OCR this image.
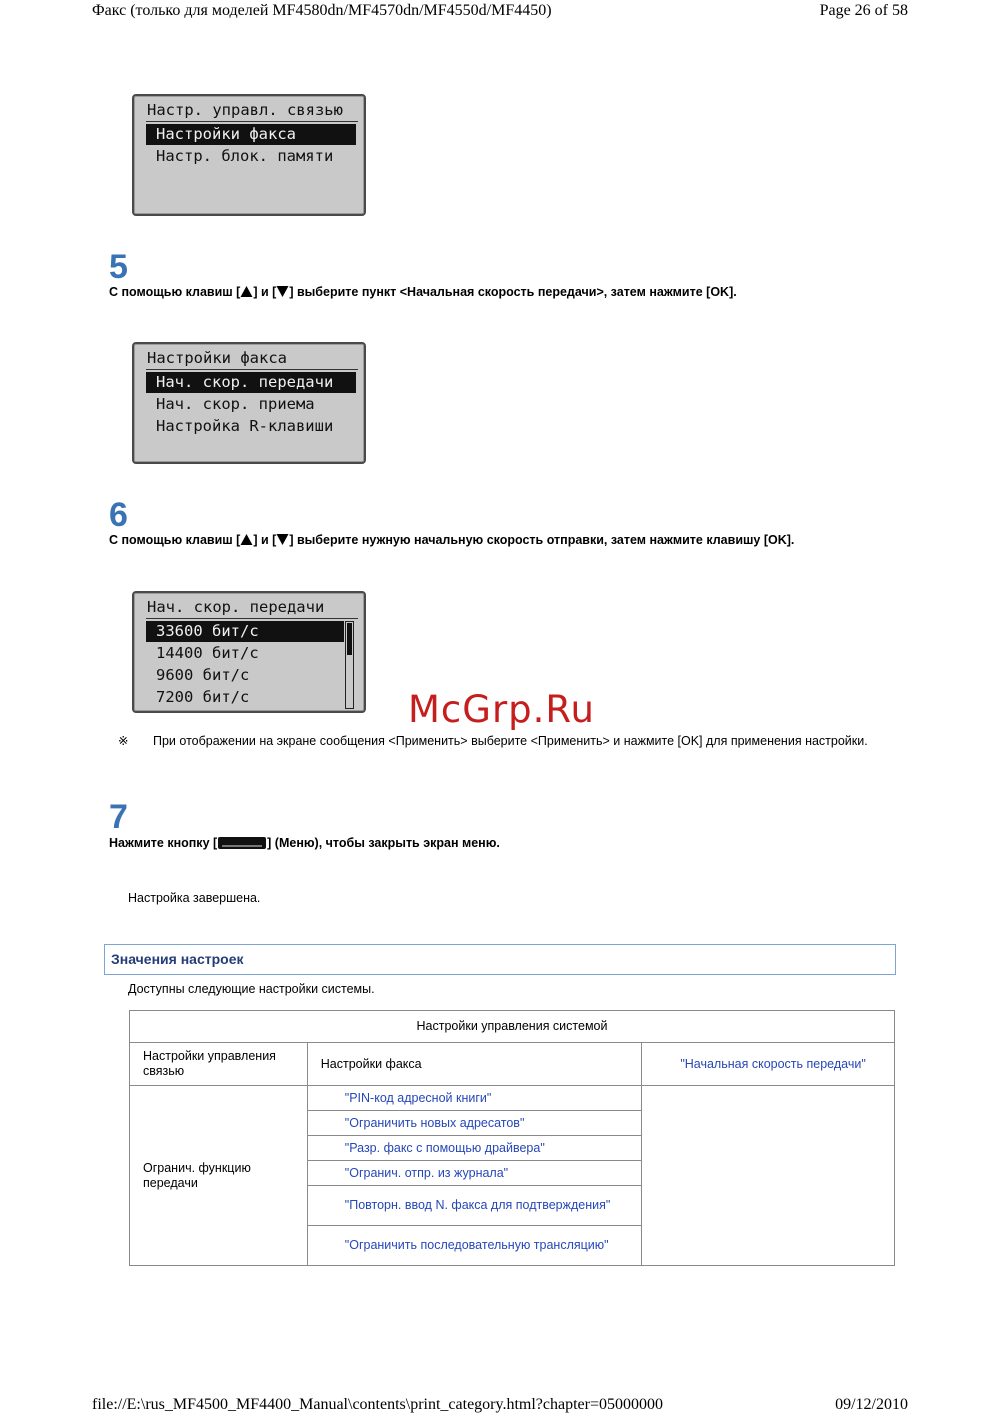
Факс (только для моделей MF4580dn/MF4570dn/MF4550d/MF4450)	Page 26 of 58
file://E:\rus_MF4500_MF4400_Manual\contents\print_category.html?chapter=05000000	09/12/2010
Настр. управл. связью
Настройки факса
Настр. блок. памяти
5
С помощью клавиш [ ] и [ ] выберите пункт <Начальная скорость передачи>, затем нажмите [OK].
Настройки факса
Нач. скор. передачи
Нач. скор. приема
Настройка R-клавиши
6
С помощью клавиш [ ] и [ ] выберите нужную начальную скорость отправки, затем нажмите клавишу [OK].
Нач. скор. передачи
33600 бит/с
14400 бит/с
9600 бит/с
7200 бит/с	McGrp.Ru
※ При отображении на экране сообщения <Применить> выберите <Применить> и нажмите [OK] для применения настройки.
7
Нажмите кнопку [	] (Меню), чтобы закрыть экран меню.
Настройка завершена.
Значения настроек
Доступны следующие настройки системы.
Настройки управления системой		
Настройки управления связью	Настройки факса	"Начальная скорость передачи"
Огранич. функцию передачи	"PIN-код адресной книги"	
	"Ограничить новых адресатов"	
	"Разр. факс с помощью драйвера"	
	"Огранич. отпр. из журнала"	
	"Повторн. ввод N. факса для подтверждения"	
	"Ограничить последовательную трансляцию"	
